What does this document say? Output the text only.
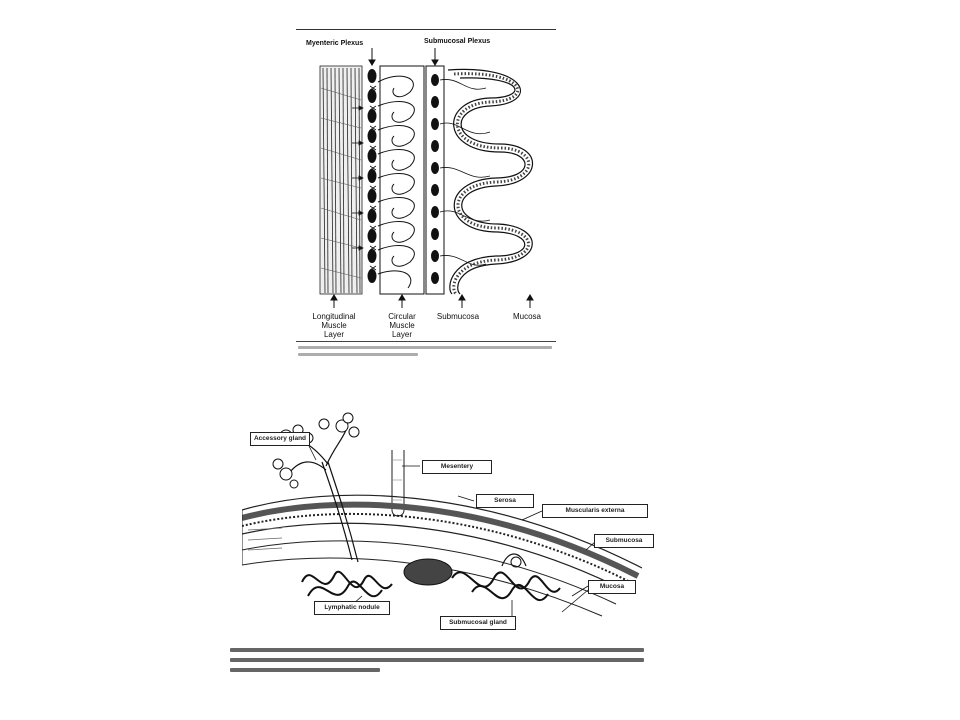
Myenteric Plexus	Submucosal Plexus
Longitudinal
Muscle
Layer
Circular
Muscle
Layer
Submucosa	Mucosa
Accessory gland
Mesentery
Serosa
Muscularis externa
Submucosa
Mucosa
Lymphatic nodule
Submucosal gland
